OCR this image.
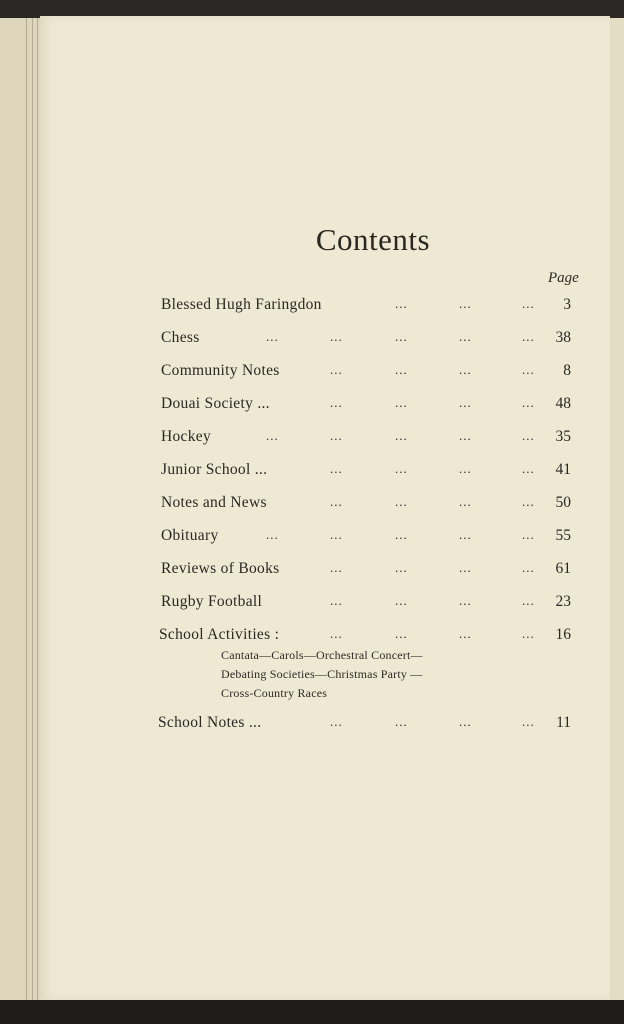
Contents
Page
Blessed Hugh Faringdon	...	...	... 3
Chess	...	...	...	...	... 38
Community Notes	...	...	...	... 8
Douai Society ...	...	...	...	... 48
Hockey	...	...	...	...	... 35
Junior School ...	...	...	...	... 41
Notes and News	...	...	...	... 50
Obituary	...	...	...	...	... 55
Reviews of Books	...	...	...	... 61
Rugby Football	...	...	...	... 23
School Activities :	...	...	...	... 16
Cantata—Carols—Orchestral Concert—
Debating Societies—Christmas Party —
Cross-Country Races
School Notes ...	...	...	...	... 11
